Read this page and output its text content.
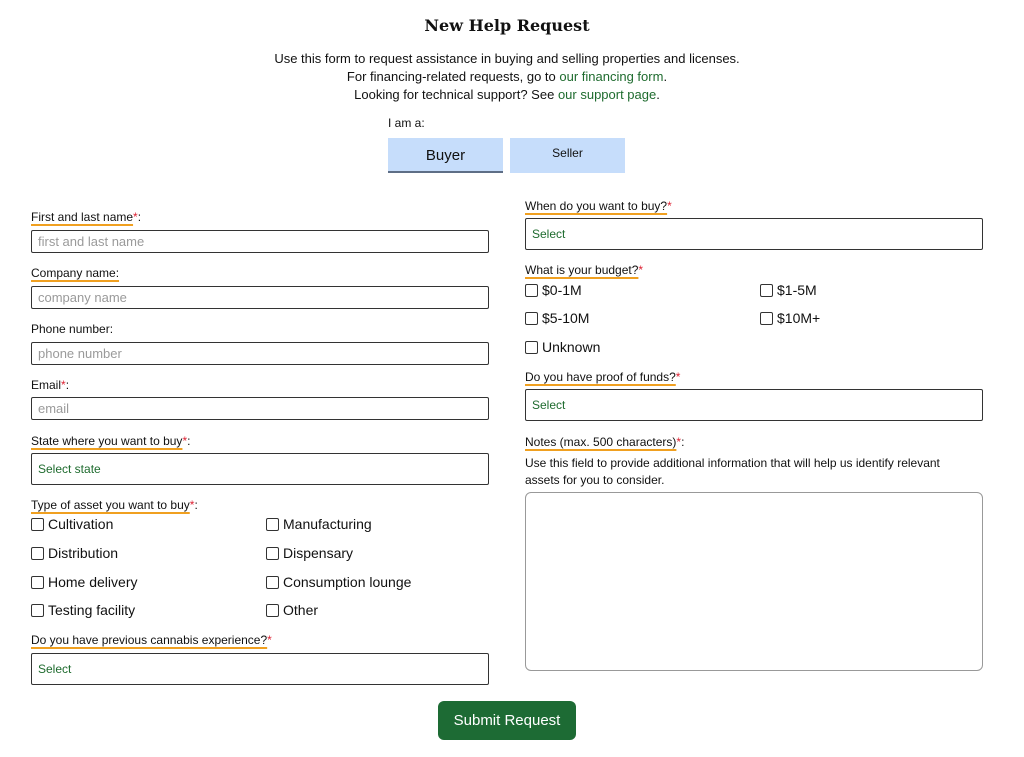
New Help Request
Use this form to request assistance in buying and selling properties and licenses.
For financing-related requests, go to our financing form.
Looking for technical support? See our support page.
I am a:
Buyer	Seller
First and last name*:
first and last name
Company name:
company name
Phone number:
phone number
Email*:
email
State where you want to buy*:
Select state
Type of asset you want to buy*:
Cultivation	Manufacturing
Distribution	Dispensary
Home delivery	Consumption lounge
Testing facility	Other
Do you have previous cannabis experience?*
Select
When do you want to buy?*
Select
What is your budget?*
$0-1M	$1-5M
$5-10M	$10M+
Unknown
Do you have proof of funds?*
Select
Notes (max. 500 characters)*:
Use this field to provide additional information that will help us identify relevant assets for you to consider.
Submit Request
